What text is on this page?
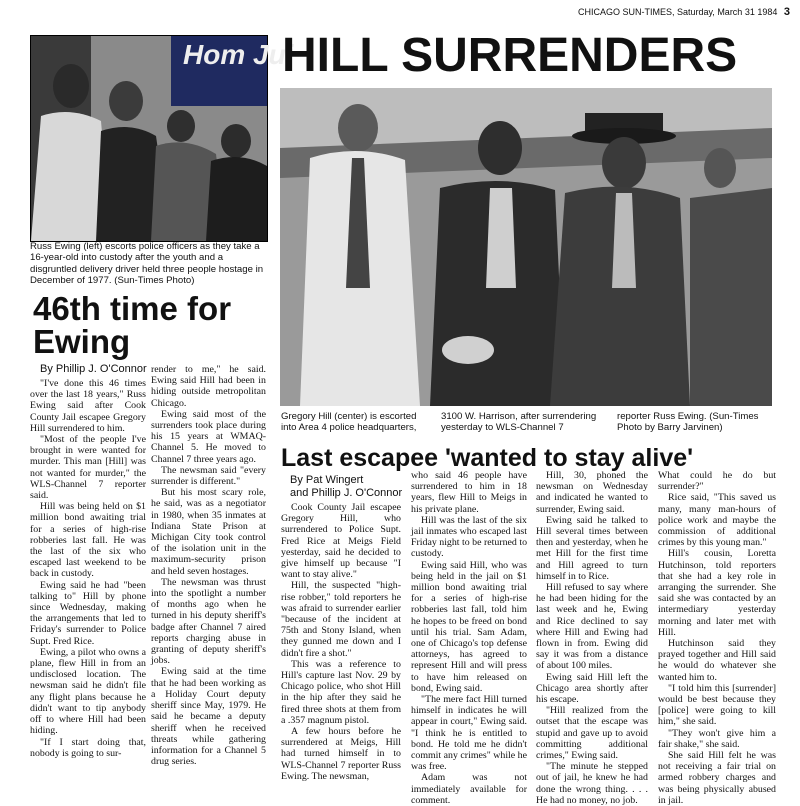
CHICAGO SUN-TIMES, Saturday, March 31 1984 3
Hom Jui
Russ Ewing (left) escorts police officers as they take a 16-year-old into custody after the youth and a disgruntled delivery driver held three people hostage in December of 1977. (Sun-Times Photo)
46th time for Ewing
By Phillip J. O'Connor

"I've done this 46 times over the last 18 years," Russ Ewing said after Cook County Jail escapee Gregory Hill surrendered to him.

"Most of the people I've brought in were wanted for murder. This man [Hill] was not wanted for murder," the WLS-Channel 7 reporter said.

Hill was being held on $1 million bond awaiting trial for a series of high-rise robberies last fall. He was the last of the six who escaped last weekend to be back in custody.

Ewing said he had "been talking to" Hill by phone since Wednesday, making the arrangements that led to Friday's surrender to Police Supt. Fred Rice.

Ewing, a pilot who owns a plane, flew Hill in from an undisclosed location. The newsman said he didn't file any flight plans because he didn't want to tip anybody off to where Hill had been hiding.

"If I start doing that, nobody is going to sur-

render to me," he said. Ewing said Hill had been in hiding outside metropolitan Chicago.

Ewing said most of the surrenders took place during his 15 years at WMAQ-Channel 5. He moved to Channel 7 three years ago.

The newsman said "every surrender is different."

But his most scary role, he said, was as a negotiator in 1980, when 35 inmates at Indiana State Prison at Michigan City took control of the isolation unit in the maximum-security prison and held seven hostages.

The newsman was thrust into the spotlight a number of months ago when he turned in his deputy sheriff's badge after Channel 7 aired reports charging abuse in granting of deputy sheriff's jobs.

Ewing said at the time that he had been working as a Holiday Court deputy sheriff since May, 1979. He said he became a deputy sheriff when he received threats while gathering information for a Channel 5 drug series.

HILL SURRENDERS
Gregory Hill (center) is escorted into Area 4 police headquarters,
3100 W. Harrison, after surrendering yesterday to WLS-Channel 7
reporter Russ Ewing. (Sun-Times Photo by Barry Jarvinen)
Last escapee 'wanted to stay alive'
By Pat Wingert
and Phillip J. O'Connor

Cook County Jail escapee Gregory Hill, who surrendered to Police Supt. Fred Rice at Meigs Field yesterday, said he decided to give himself up because "I want to stay alive."

Hill, the suspected "high-rise robber," told reporters he was afraid to surrender earlier "because of the incident at 75th and Stony Island, when they gunned me down and I didn't fire a shot."

This was a reference to Hill's capture last Nov. 29 by Chicago police, who shot Hill in the hip after they said he fired three shots at them from a .357 magnum pistol.

A few hours before he surrendered at Meigs, Hill had turned himself in to WLS-Channel 7 reporter Russ Ewing. The newsman,

who said 46 people have surrendered to him in 18 years, flew Hill to Meigs in his private plane.

Hill was the last of the six jail inmates who escaped last Friday night to be returned to custody.

Ewing said Hill, who was being held in the jail on $1 million bond awaiting trial for a series of high-rise robberies last fall, told him he hopes to be freed on bond until his trial. Sam Adam, one of Chicago's top defense attorneys, has agreed to represent Hill and will press to have him released on bond, Ewing said.

"The mere fact Hill turned himself in indicates he will appear in court," Ewing said. "I think he is entitled to bond. He told me he didn't commit any crimes" while he was free.

Adam was not immediately available for comment.

Hill, 30, phoned the newsman on Wednesday and indicated he wanted to surrender, Ewing said.

Ewing said he talked to Hill several times between then and yesterday, when he met Hill for the first time and Hill agreed to turn himself in to Rice.

Hill refused to say where he had been hiding for the last week and he, Ewing and Rice declined to say where Hill and Ewing had flown in from. Ewing did say it was from a distance of about 100 miles.

Ewing said Hill left the Chicago area shortly after his escape.

"Hill realized from the outset that the escape was stupid and gave up to avoid committing additional crimes," Ewing said.

"The minute he stepped out of jail, he knew he had done the wrong thing. . . . He had no money, no job.

What could he do but surrender?"

Rice said, "This saved us many, many man-hours of police work and maybe the commission of additional crimes by this young man."

Hill's cousin, Loretta Hutchinson, told reporters that she had a key role in arranging the surrender. She said she was contacted by an intermediary yesterday morning and later met with Hill.

Hutchinson said they prayed together and Hill said he would do whatever she wanted him to.

"I told him this [surrender] would be best because they [police] were going to kill him," she said.

"They won't give him a fair shake," she said.

She said Hill felt he was not receiving a fair trial on armed robbery charges and was being physically abused in jail.
